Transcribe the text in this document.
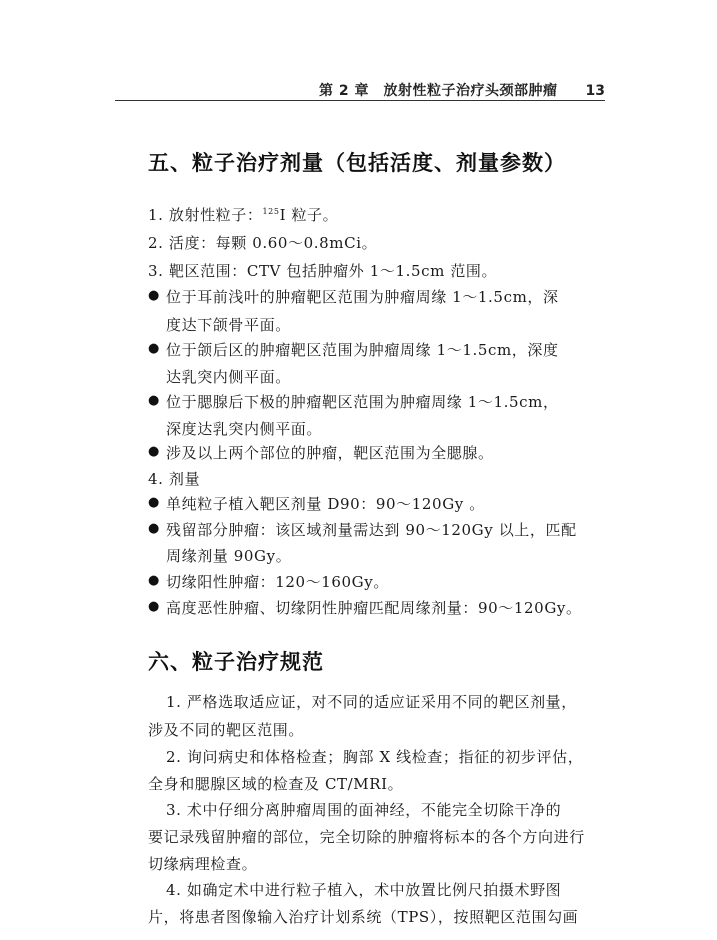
第 2 章　放射性粒子治疗头颈部肿瘤 13
五、粒子治疗剂量（包括活度、剂量参数）
1. 放射性粒子：$^{125}$I 粒子。
2. 活度：每颗 0.60～0.8mCi。
3. 靶区范围：CTV 包括肿瘤外 1～1.5cm 范围。
● 位于耳前浅叶的肿瘤靶区范围为肿瘤周缘 1～1.5cm，深
度达下颌骨平面。
● 位于颌后区的肿瘤靶区范围为肿瘤周缘 1～1.5cm，深度
达乳突内侧平面。
● 位于腮腺后下极的肿瘤靶区范围为肿瘤周缘 1～1.5cm，
深度达乳突内侧平面。
● 涉及以上两个部位的肿瘤，靶区范围为全腮腺。
4. 剂量
● 单纯粒子植入靶区剂量 D90：90～120Gy 。
● 残留部分肿瘤：该区域剂量需达到 90～120Gy 以上，匹配
周缘剂量 90Gy。
● 切缘阳性肿瘤：120～160Gy。
● 高度恶性肿瘤、切缘阴性肿瘤匹配周缘剂量：90～120Gy。
六、粒子治疗规范
1. 严格选取适应证，对不同的适应证采用不同的靶区剂量，
涉及不同的靶区范围。
2. 询问病史和体格检查；胸部 X 线检查；指征的初步评估，
全身和腮腺区域的检查及 CT/MRI。
3. 术中仔细分离肿瘤周围的面神经，不能完全切除干净的
要记录残留肿瘤的部位，完全切除的肿瘤将标本的各个方向进行
切缘病理检查。
4. 如确定术中进行粒子植入，术中放置比例尺拍摄术野图
片，将患者图像输入治疗计划系统（TPS），按照靶区范围勾画
